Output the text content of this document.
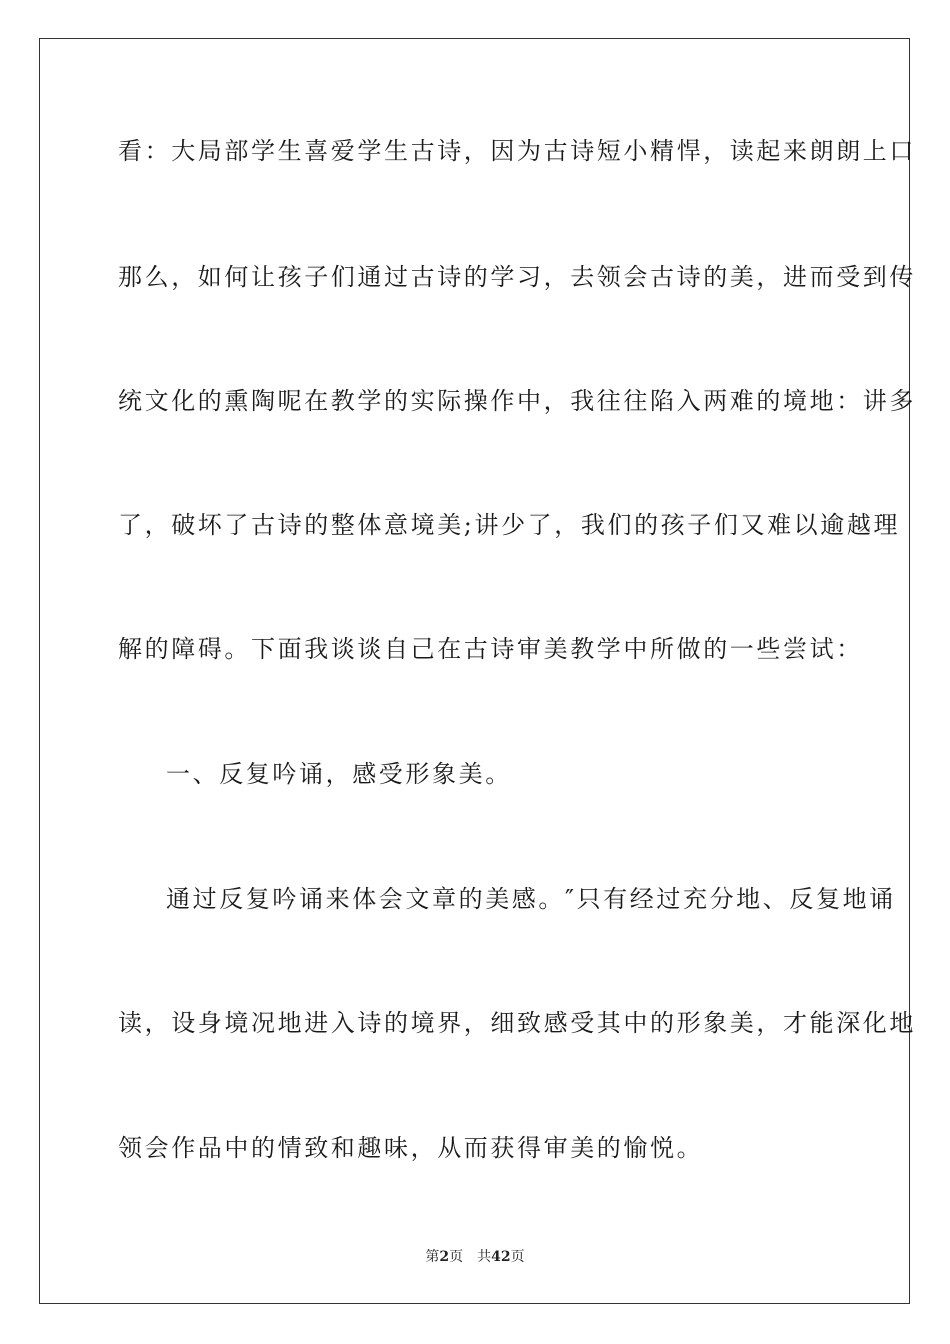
看：大局部学生喜爱学生古诗，因为古诗短小精悍，读起来朗朗上口
那么，如何让孩子们通过古诗的学习，去领会古诗的美，进而受到传
统文化的熏陶呢在教学的实际操作中，我往往陷入两难的境地：讲多
了，破坏了古诗的整体意境美;讲少了，我们的孩子们又难以逾越理
解的障碍。下面我谈谈自己在古诗审美教学中所做的一些尝试：
一、反复吟诵，感受形象美。
通过反复吟诵来体会文章的美感。″只有经过充分地、反复地诵
读，设身境况地进入诗的境界，细致感受其中的形象美，才能深化地
领会作品中的情致和趣味，从而获得审美的愉悦。
第2页 共42页
